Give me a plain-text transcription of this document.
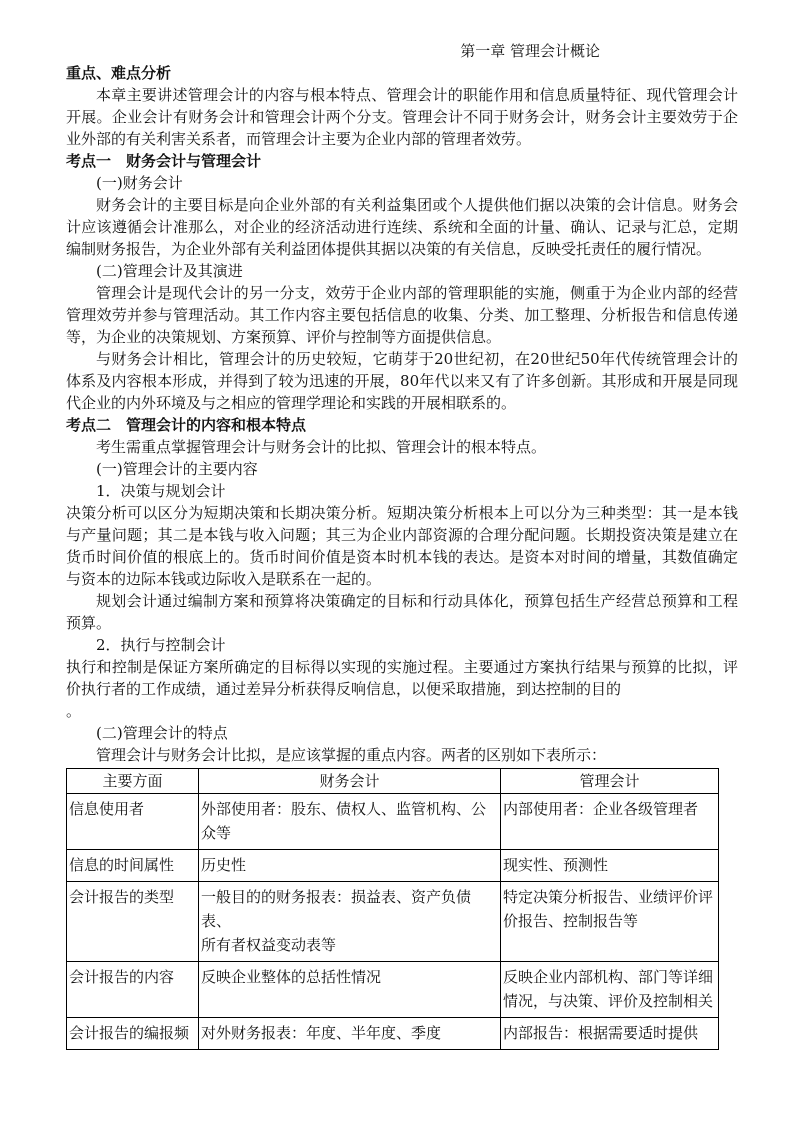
第一章 管理会计概论
重点、难点分析

本章主要讲述管理会计的内容与根本特点、管理会计的职能作用和信息质量特征、现代管理会计开展。企业会计有财务会计和管理会计两个分支。管理会计不同于财务会计，财务会计主要效劳于企业外部的有关利害关系者，而管理会计主要为企业内部的管理者效劳。

考点一　财务会计与管理会计
(一)财务会计

财务会计的主要目标是向企业外部的有关利益集团或个人提供他们据以决策的会计信息。财务会计应该遵循会计准那么，对企业的经济活动进行连续、系统和全面的计量、确认、记录与汇总，定期编制财务报告，为企业外部有关利益团体提供其据以决策的有关信息，反映受托责任的履行情况。

(二)管理会计及其演进

管理会计是现代会计的另一分支，效劳于企业内部的管理职能的实施，侧重于为企业内部的经营管理效劳并参与管理活动。其工作内容主要包括信息的收集、分类、加工整理、分析报告和信息传递等，为企业的决策规划、方案预算、评价与控制等方面提供信息。

与财务会计相比，管理会计的历史较短，它萌芽于20世纪初，在20世纪50年代传统管理会计的体系及内容根本形成，并得到了较为迅速的开展，80年代以来又有了许多创新。其形成和开展是同现代企业的内外环境及与之相应的管理学理论和实践的开展相联系的。

考点二　管理会计的内容和根本特点

考生需重点掌握管理会计与财务会计的比拟、管理会计的根本特点。

(一)管理会计的主要内容
1．决策与规划会计

决策分析可以区分为短期决策和长期决策分析。短期决策分析根本上可以分为三种类型：其一是本钱与产量问题；其二是本钱与收入问题；其三为企业内部资源的合理分配问题。长期投资决策是建立在货币时间价值的根底上的。货币时间价值是资本时机本钱的表达。是资本对时间的增量，其数值确定与资本的边际本钱或边际收入是联系在一起的。

规划会计通过编制方案和预算将决策确定的目标和行动具体化，预算包括生产经营总预算和工程预算。

2．执行与控制会计

执行和控制是保证方案所确定的目标得以实现的实施过程。主要通过方案执行结果与预算的比拟，评价执行者的工作成绩，通过差异分析获得反响信息，以便采取措施，到达控制的目的

。
(二)管理会计的特点

管理会计与财务会计比拟，是应该掌握的重点内容。两者的区别如下表所示：

主要方面	财务会计	管理会计
信息使用者	外部使用者：股东、债权人、监管机构、公众等	内部使用者：企业各级管理者
信息的时间属性	历史性	现实性、预测性
会计报告的类型	一般目的的财务报表：损益表、资产负债表、
所有者权益变动表等	特定决策分析报告、业绩评价评价报告、控制报告等
会计报告的内容	反映企业整体的总括性情况	反映企业内部机构、部门等详细情况，与决策、评价及控制相关
会计报告的编报频	对外财务报表：年度、半年度、季度	内部报告：根据需要适时提供
